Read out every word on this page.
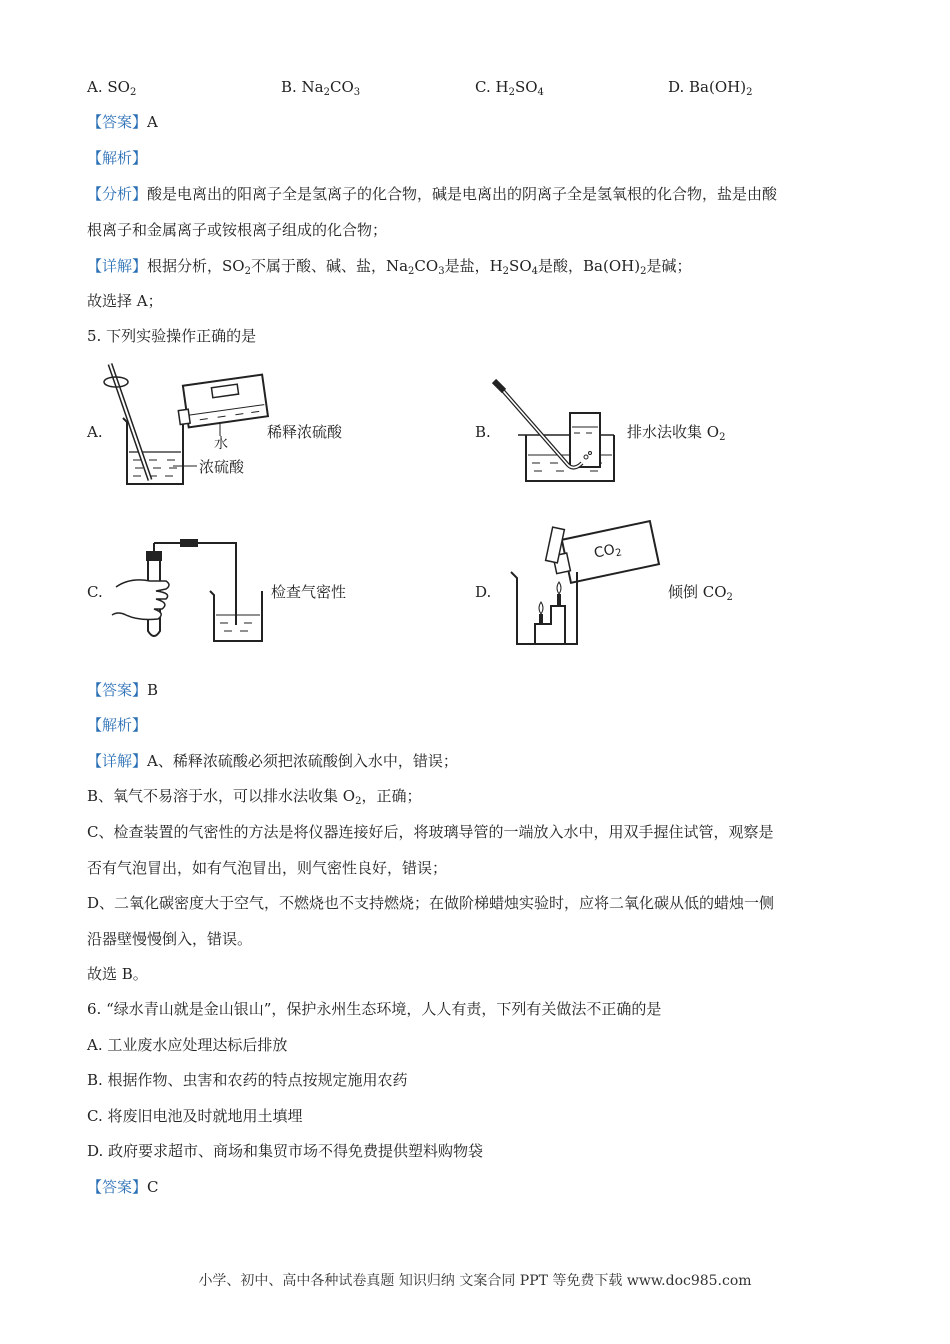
A. $SO_2$	B. $Na_2CO_3$	C. $H_2SO_4$	D. $Ba(OH)_2$
【答案】A
【解析】
【分析】酸是电离出的阳离子全是氢离子的化合物，碱是电离出的阴离子全是氢氧根的化合物，盐是由酸
根离子和金属离子或铵根离子组成的化合物；
【详解】根据分析，$SO_2$不属于酸、碱、盐，$Na_2CO_3$是盐，$H_2SO_4$是酸，$Ba(OH)_2$是碱；
故选择 A；
5. 下列实验操作正确的是
A.
水
浓硫酸
稀释浓硫酸	B.	排水法收集 $O_2$
C.	检查气密性	D.
$CO_2$
倾倒 $CO_2$
【答案】B
【解析】
【详解】A、稀释浓硫酸必须把浓硫酸倒入水中，错误；
B、氧气不易溶于水，可以排水法收集 $O_2$，正确；
C、检查装置的气密性的方法是将仪器连接好后，将玻璃导管的一端放入水中，用双手握住试管，观察是
否有气泡冒出，如有气泡冒出，则气密性良好，错误；
D、二氧化碳密度大于空气，不燃烧也不支持燃烧；在做阶梯蜡烛实验时，应将二氧化碳从低的蜡烛一侧
沿器壁慢慢倒入，错误。
故选 B。
6. “绿水青山就是金山银山”，保护永州生态环境，人人有责，下列有关做法不正确的是
A. 工业废水应处理达标后排放
B. 根据作物、虫害和农药的特点按规定施用农药
C. 将废旧电池及时就地用土填埋
D. 政府要求超市、商场和集贸市场不得免费提供塑料购物袋
【答案】C
小学、初中、高中各种试卷真题 知识归纳 文案合同 PPT 等免费下载 www.doc985.com
